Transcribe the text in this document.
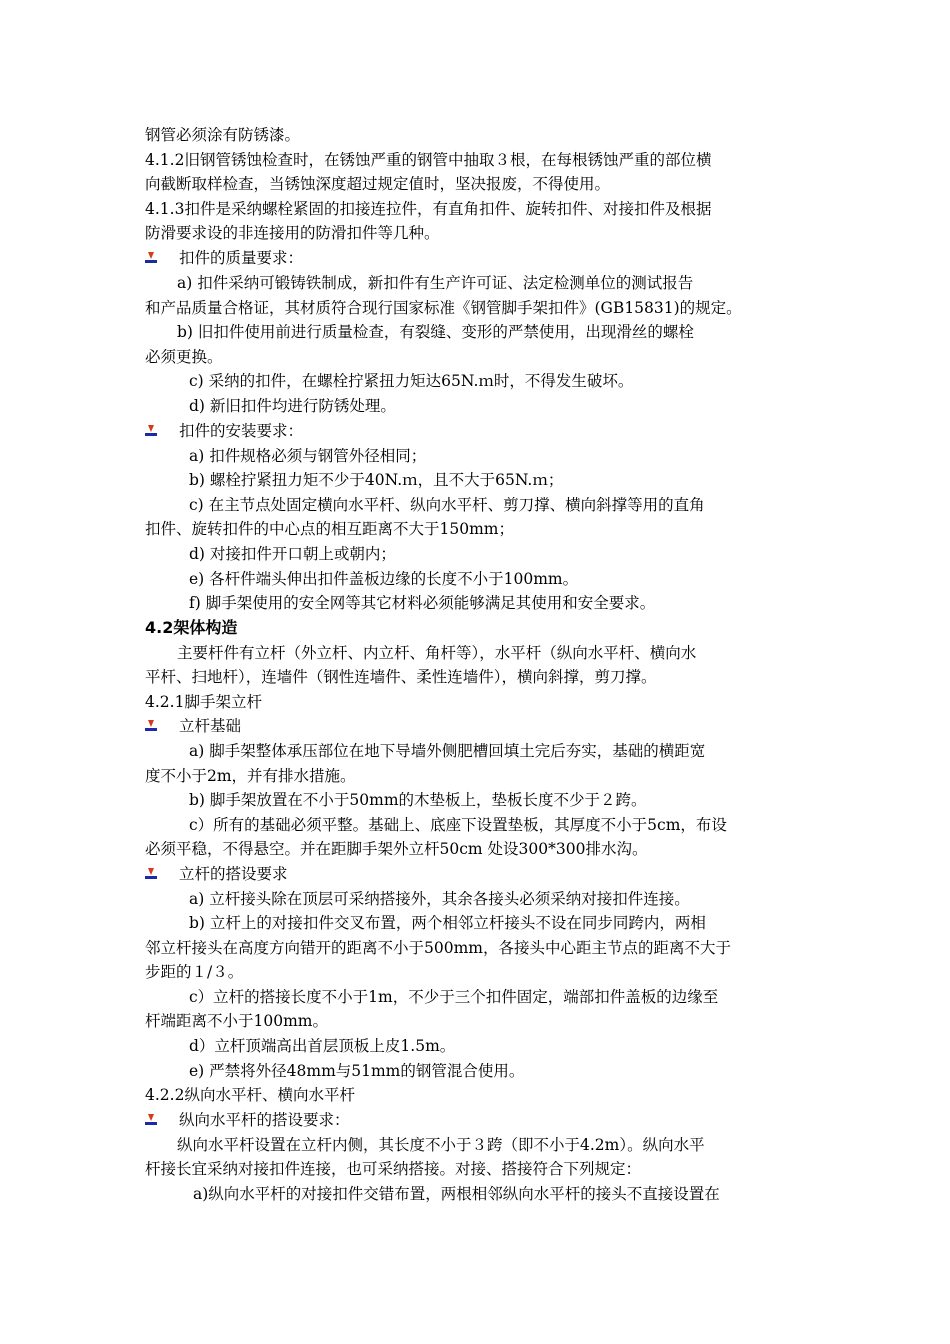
钢管必须涂有防锈漆。
4.1.2旧钢管锈蚀检查时，在锈蚀严重的钢管中抽取３根，在每根锈蚀严重的部位横
向截断取样检查，当锈蚀深度超过规定值时，坚决报废，不得使用。
4.1.3扣件是采纳螺栓紧固的扣接连拉件，有直角扣件、旋转扣件、对接扣件及根据
防滑要求设的非连接用的防滑扣件等几种。
扣件的质量要求：
a) 扣件采纳可锻铸铁制成，新扣件有生产许可证、法定检测单位的测试报告
和产品质量合格证，其材质符合现行国家标准《钢管脚手架扣件》(GB15831)的规定。
b) 旧扣件使用前进行质量检查，有裂缝、变形的严禁使用，出现滑丝的螺栓
必须更换。
c) 采纳的扣件，在螺栓拧紧扭力矩达65N.ｍ时，不得发生破坏。
d) 新旧扣件均进行防锈处理。
扣件的安装要求：
a) 扣件规格必须与钢管外径相同；
b) 螺栓拧紧扭力矩不少于40N.ｍ，且不大于65N.ｍ；
c) 在主节点处固定横向水平杆、纵向水平杆、剪刀撑、横向斜撑等用的直角
扣件、旋转扣件的中心点的相互距离不大于150mm；
d) 对接扣件开口朝上或朝内；
e) 各杆件端头伸出扣件盖板边缘的长度不小于100mm。
f) 脚手架使用的安全网等其它材料必须能够满足其使用和安全要求。
4.2架体构造
主要杆件有立杆（外立杆、内立杆、角杆等），水平杆（纵向水平杆、横向水
平杆、扫地杆），连墙件（钢性连墙件、柔性连墙件），横向斜撑，剪刀撑。
4.2.1脚手架立杆
立杆基础
a) 脚手架整体承压部位在地下导墙外侧肥槽回填土完后夯实，基础的横距宽
度不小于2m，并有排水措施。
b) 脚手架放置在不小于50mm的木垫板上，垫板长度不少于２跨。
c）所有的基础必须平整。基础上、底座下设置垫板，其厚度不小于5cm，布设
必须平稳，不得悬空。并在距脚手架外立杆50cm 处设300*300排水沟。
立杆的搭设要求
a) 立杆接头除在顶层可采纳搭接外，其余各接头必须采纳对接扣件连接。
b) 立杆上的对接扣件交叉布置，两个相邻立杆接头不设在同步同跨内，两相
邻立杆接头在高度方向错开的距离不小于500mm，各接头中心距主节点的距离不大于
步距的１/３。
c）立杆的搭接长度不小于1m，不少于三个扣件固定，端部扣件盖板的边缘至
杆端距离不小于100mm。
d）立杆顶端高出首层顶板上皮1.5m。
e) 严禁将外径48mm与51mm的钢管混合使用。
4.2.2纵向水平杆、横向水平杆
纵向水平杆的搭设要求：
纵向水平杆设置在立杆内侧，其长度不小于３跨（即不小于4.2m）。纵向水平
杆接长宜采纳对接扣件连接，也可采纳搭接。对接、搭接符合下列规定：
a)纵向水平杆的对接扣件交错布置，两根相邻纵向水平杆的接头不直接设置在
